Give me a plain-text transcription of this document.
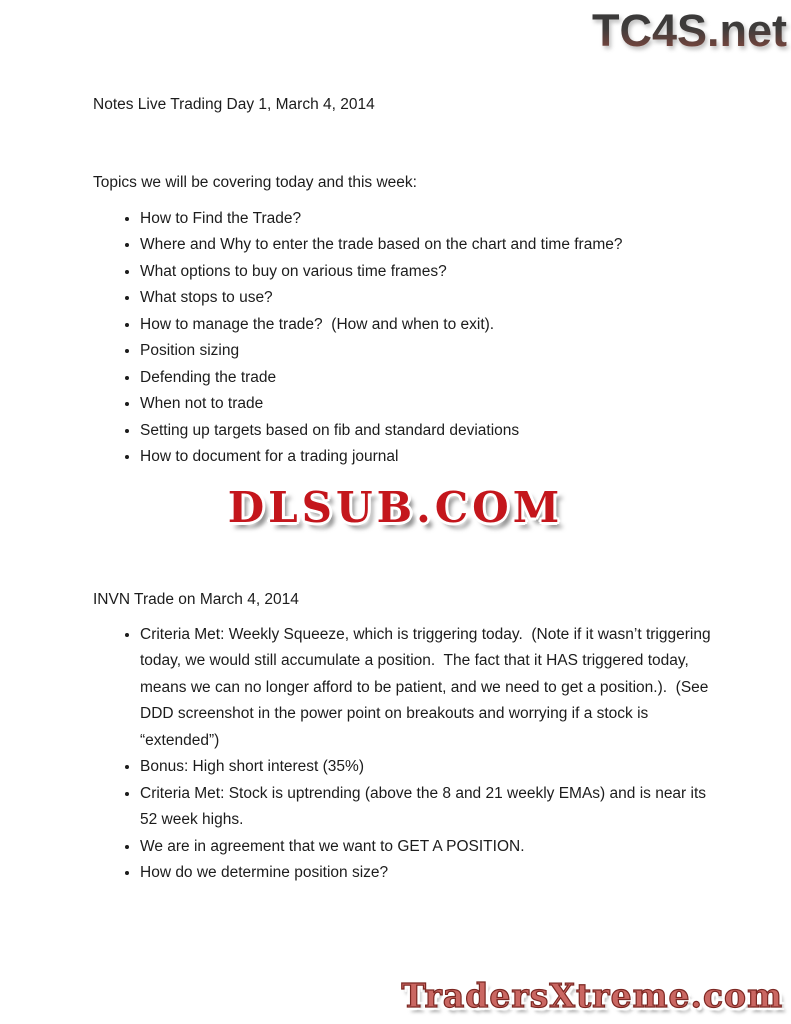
TC4S.net
Notes Live Trading Day 1, March 4, 2014
Topics we will be covering today and this week:
• How to Find the Trade?
• Where and Why to enter the trade based on the chart and time frame?
• What options to buy on various time frames?
• What stops to use?
• How to manage the trade?  (How and when to exit).
• Position sizing
• Defending the trade
• When not to trade
• Setting up targets based on fib and standard deviations
• How to document for a trading journal
DLSUB.COM
INVN Trade on March 4, 2014
• Criteria Met: Weekly Squeeze, which is triggering today.  (Note if it wasn’t triggering today, we would still accumulate a position.  The fact that it HAS triggered today, means we can no longer afford to be patient, and we need to get a position.).  (See DDD screenshot in the power point on breakouts and worrying if a stock is “extended”)
• Bonus: High short interest (35%)
• Criteria Met: Stock is uptrending (above the 8 and 21 weekly EMAs) and is near its 52 week highs.
• We are in agreement that we want to GET A POSITION.
• How do we determine position size?
TradersXtreme.com
